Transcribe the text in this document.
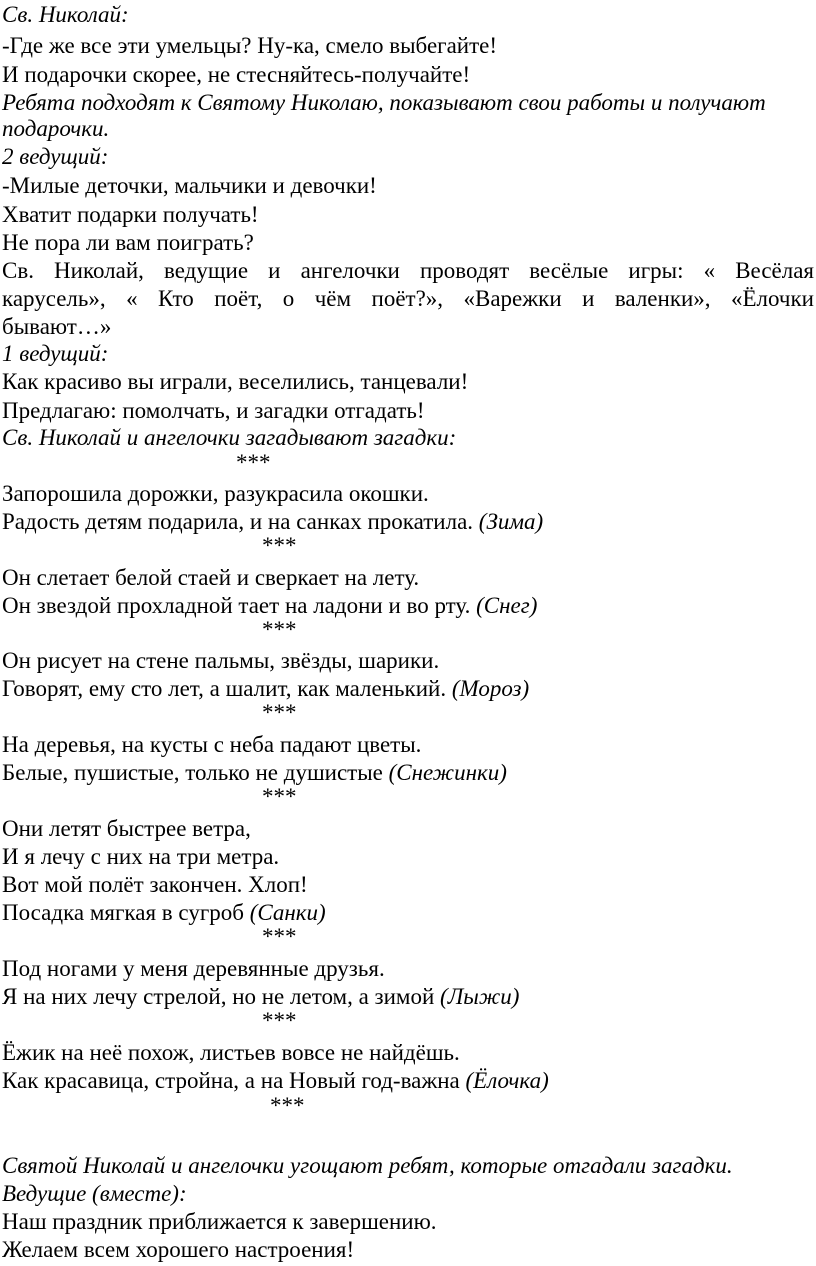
Св. Николай:
-Где же все эти умельцы? Ну-ка, смело выбегайте!
И подарочки скорее, не стесняйтесь-получайте!
Ребята подходят к Святому Николаю, показывают свои работы и получают
подарочки.
2 ведущий:
-Милые деточки, мальчики и девочки!
Хватит подарки получать!
Не пора ли вам поиграть?
Св. Николай, ведущие и ангелочки проводят весёлые игры: « Весёлая
карусель», « Кто поёт, о чём поёт?», «Варежки и валенки», «Ёлочки
бывают…»
1 ведущий:
Как красиво вы играли, веселились, танцевали!
Предлагаю: помолчать, и загадки отгадать!
Св. Николай и ангелочки загадывают загадки:
***
Запорошила дорожки, разукрасила окошки.
Радость детям подарила, и на санках прокатила. (Зима)
***
Он слетает белой стаей и сверкает на лету.
Он звездой прохладной тает на ладони и во рту. (Снег)
***
Он рисует на стене пальмы, звёзды, шарики.
Говорят, ему сто лет, а шалит, как маленький. (Мороз)
***
На деревья, на кусты с неба падают цветы.
Белые, пушистые, только не душистые (Снежинки)
***
Они летят быстрее ветра,
И я лечу с них на три метра.
Вот мой полёт закончен. Хлоп!
Посадка мягкая в сугроб (Санки)
***
Под ногами у меня деревянные друзья.
Я на них лечу стрелой, но не летом, а зимой (Лыжи)
***
Ёжик на неё похож, листьев вовсе не найдёшь.
Как красавица, стройна, а на Новый год-важна (Ёлочка)
***
Святой Николай и ангелочки угощают ребят, которые отгадали загадки.
Ведущие (вместе):
Наш праздник приближается к завершению.
Желаем всем хорошего настроения!
